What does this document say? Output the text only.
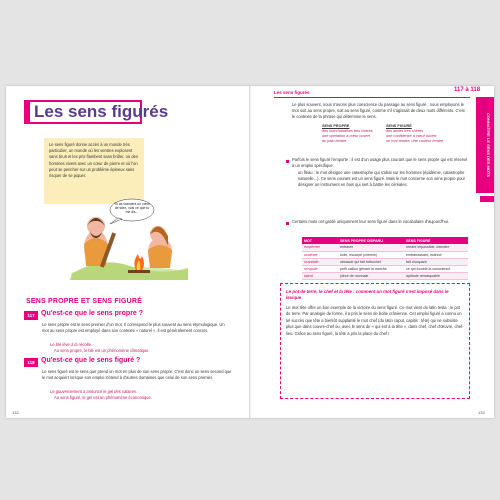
Les sens figurés
Le sens figuré donne accès à un monde très particulier, un monde où les ventres explosent sans bruit et les prix flambent sans brûler, où des hommes vivent avec un cœur de pierre et où l'on peut se pencher sur un problème épineux sans risquer de se piquer.
Tu as vraiment un cœur de silex, vois ce que tu me dis...
SENS PROPRE ET SENS FIGURÉ
117 Qu'est-ce que le sens propre ?
Le sens propre est le sens premier d'un mot. Il correspond le plus souvent au sens étymologique. Un mot au sens propre est employé dans son contexte « naturel », il est généralement concret.
Le blé lève à la récolte.
Au sens propre, le blé est un phénomène climatique.
118 Qu'est-ce que le sens figuré ?
Le sens figuré est le sens que prend un mot en plus de son sens propre. C'est donc un sens second que le mot acquiert lorsque son emploi s'étend à d'autres domaines que celui de son sens premier.
Le gouvernement a annoncé le gel des salaires.
Au sens figuré, le gel est un phénomène économique.
132
Les sens figurés	117 à 118
CONNAÎTRE LE SENS DES MOTS
Le plus souvent, nous n'avons plus conscience du passage au sens figuré : nous employons le mot soit au sens propre, soit au sens figuré, comme s'il s'agissait de deux mots différents. C'est le contexte de la phrase qui détermine le sens.
SENS PROPRE	SENS FIGURÉ
des marchandises très chères	des amies très chères
une opération à cœur ouvert	une confidence à cœur ouvert
du pain tendre	un mot tendre, une couleur tendre
Parfois le sens figuré l'emporte : il est d'un usage plus courant que le sens propre qui est réservé à un emploi spécifique.
un fléau : le mot désigne une catastrophe qui s'abat sur les hommes (épidémie, catastrophe naturelle...). Ce sens courant est un sens figuré. Mais le mot concerne son sens propre pour désigner un instrument en bois qui sert à battre les céréales.
Certains mots ont gardé uniquement leur sens figuré dans le vocabulaire d'aujourd'hui.
MOT	SENS PROPRE DISPARU	SENS FIGURÉ
empêcher	entraver	rendre impossible, interdire
soulever	rude, escarpé (chemin)	embarrassant, indirect
scandale	obstacle qui fait trébucher	fait choquant
scrupule	petit caillou gênant la marche	ce qui trouble la conscience
talent	pièce de monnaie	aptitude remarquable
Le pot de terre, le chef et la tête : comment un mot figuré s'est imposé dans le lexique
Le mot tête offre un bon exemple de la victoire du sens figuré. Ce mot vient du latin testa : le pot de terre. Par analogie de forme, il a pris le sens de boîte crânienne. Cet emploi figuré a connu un tel succès que tête a bientôt supplanté le mot chef (du latin caput, capitis : tête) qui ne subsiste plus que dans couvre-chef ou, avec le sens de « qui est à la tête », dans chef, chef d'œuvre, chef-lieu. Grâce au sens figuré, la tête a pris la place du chef !
133
